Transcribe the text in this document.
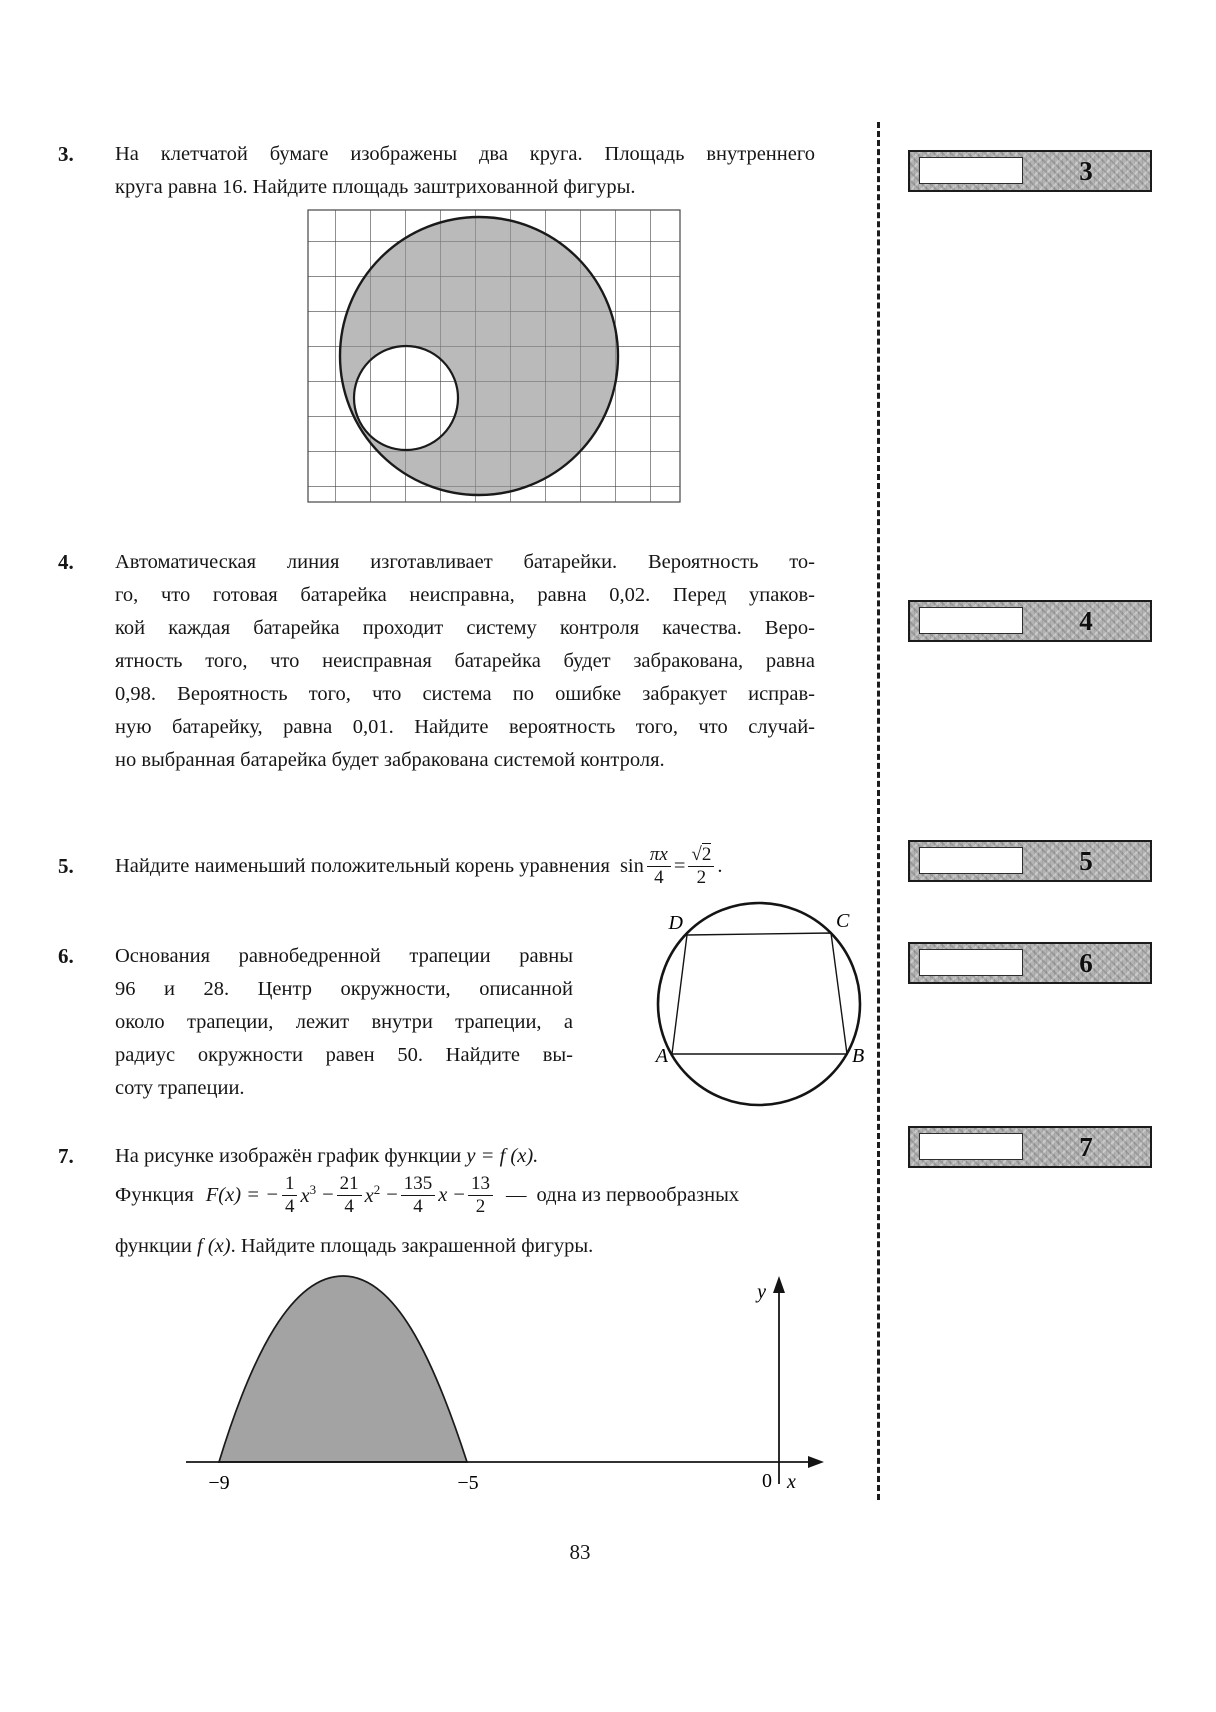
3. На клетчатой бумаге изображены два круга. Площадь внутреннего
круга равна 16. Найдите площадь заштрихованной фигуры.
4. Автоматическая линия изготавливает батарейки. Вероятность то-
го, что готовая батарейка неисправна, равна 0,02. Перед упаков-
кой каждая батарейка проходит систему контроля качества. Веро-
ятность того, что неисправная батарейка будет забракована, равна
0,98. Вероятность того, что система по ошибке забракует исправ-
ную батарейку, равна 0,01. Найдите вероятность того, что случай-
но выбранная батарейка будет забракована системой контроля.
5. Найдите наименьший положительный корень уравнения $\sin \frac{\pi x}{4} = \frac{√2}{2}$ .
6. Основания равнобедренной трапеции равны
96 и 28. Центр окружности, описанной
около трапеции, лежит внутри трапеции, а
радиус окружности равен 50. Найдите вы-
соту трапеции.
D	C
A	B
7. На рисунке изображён график функции y = f (x).
Функция F(x) = − $\frac{1}{4} x^3 - \frac{21}{4} x^2 - \frac{135}{4}$ $x - \frac{13}{2}$ — одна из первообразных
функции f (x). Найдите площадь закрашенной фигуры.
y
0 x
−9	−5
3
4
5
6
7
83
